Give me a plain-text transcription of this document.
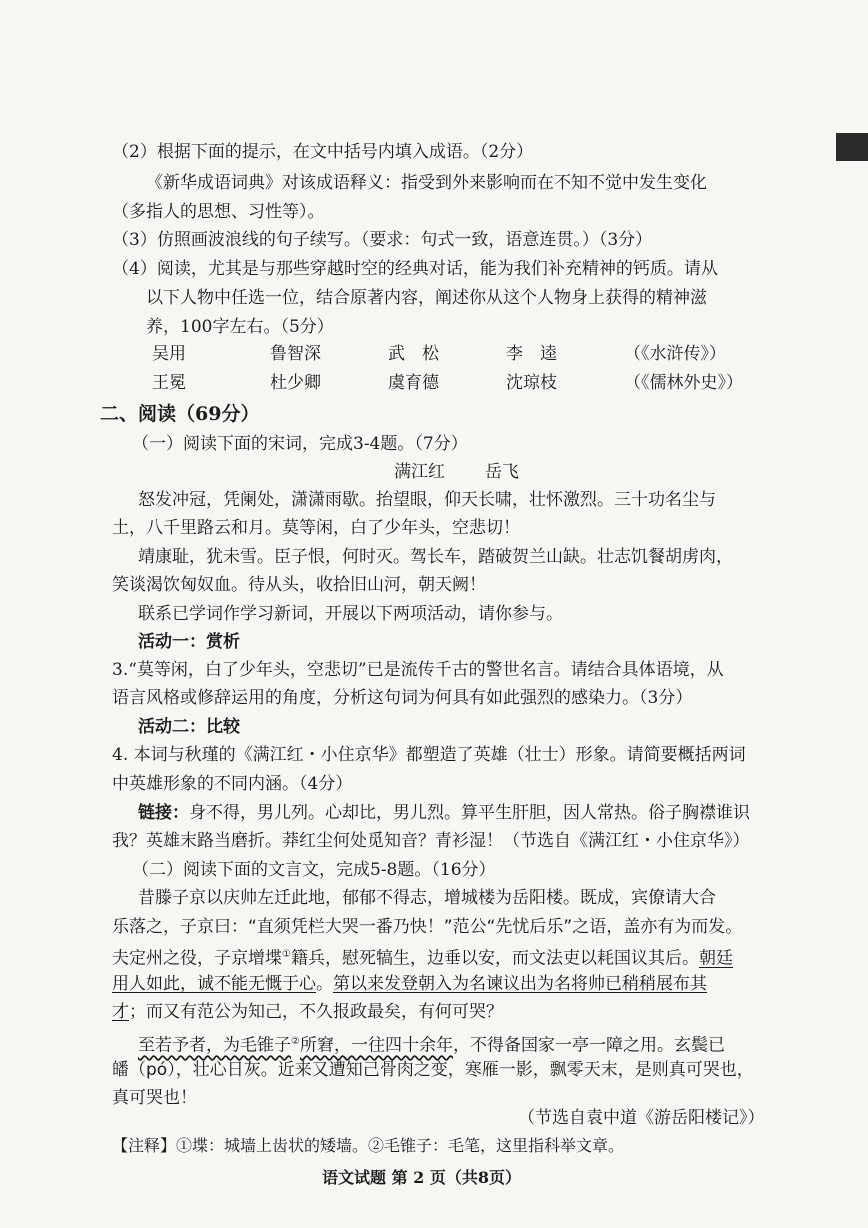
（2）根据下面的提示，在文中括号内填入成语。（2分）
《新华成语词典》对该成语释义：指受到外来影响而在不知不觉中发生变化
（多指人的思想、习性等）。
（3）仿照画波浪线的句子续写。（要求：句式一致，语意连贯。）（3分）
（4）阅读，尤其是与那些穿越时空的经典对话，能为我们补充精神的钙质。请从
以下人物中任选一位，结合原著内容，阐述你从这个人物身上获得的精神滋
养，100字左右。（5分）
吴用	鲁智深	武　松	李　逵	（《水浒传》）
王冕	杜少卿	虞育德	沈琼枝	（《儒林外史》）
二、阅读（69分）
（一）阅读下面的宋词，完成3-4题。（7分）
满江红 岳飞
怒发冲冠，凭阑处，潇潇雨歇。抬望眼，仰天长啸，壮怀激烈。三十功名尘与
土，八千里路云和月。莫等闲，白了少年头，空悲切！
靖康耻，犹未雪。臣子恨，何时灭。驾长车，踏破贺兰山缺。壮志饥餐胡虏肉，
笑谈渴饮匈奴血。待从头，收拾旧山河，朝天阙！
联系已学词作学习新词，开展以下两项活动，请你参与。
活动一：赏析
3.“莫等闲，白了少年头，空悲切”已是流传千古的警世名言。请结合具体语境，从
语言风格或修辞运用的角度，分析这句词为何具有如此强烈的感染力。（3分）
活动二：比较
4. 本词与秋瑾的《满江红・小住京华》都塑造了英雄（壮士）形象。请简要概括两词
中英雄形象的不同内涵。（4分）
链接：身不得，男儿列。心却比，男儿烈。算平生肝胆，因人常热。俗子胸襟谁识
我？英雄末路当磨折。莽红尘何处觅知音？青衫湿！（节选自《满江红・小住京华》）
（二）阅读下面的文言文，完成5-8题。（16分）
昔滕子京以庆帅左迁此地，郁郁不得志，增城楼为岳阳楼。既成，宾僚请大合
乐落之，子京曰：“直须凭栏大哭一番乃快！”范公“先忧后乐”之语，盖亦有为而发。
夫定州之役，子京增堞①籍兵，慰死犒生，边垂以安，而文法吏以耗国议其后。朝廷
用人如此，诚不能无慨于心。第以来发登朝入为名谏议出为名将帅已稍稍展布其
才；而又有范公为知己，不久报政最矣，有何可哭？
至若予者，为毛锥子②所窘，一往四十余年，不得备国家一亭一障之用。玄鬓已
皤（pó），壮心日灰。近来又遭知己骨肉之变，寒雁一影，飘零天末，是则真可哭也，
真可哭也！
（节选自袁中道《游岳阳楼记》）
【注释】①堞：城墙上齿状的矮墙。②毛锥子：毛笔，这里指科举文章。
语文试题 第 2 页（共8页）
